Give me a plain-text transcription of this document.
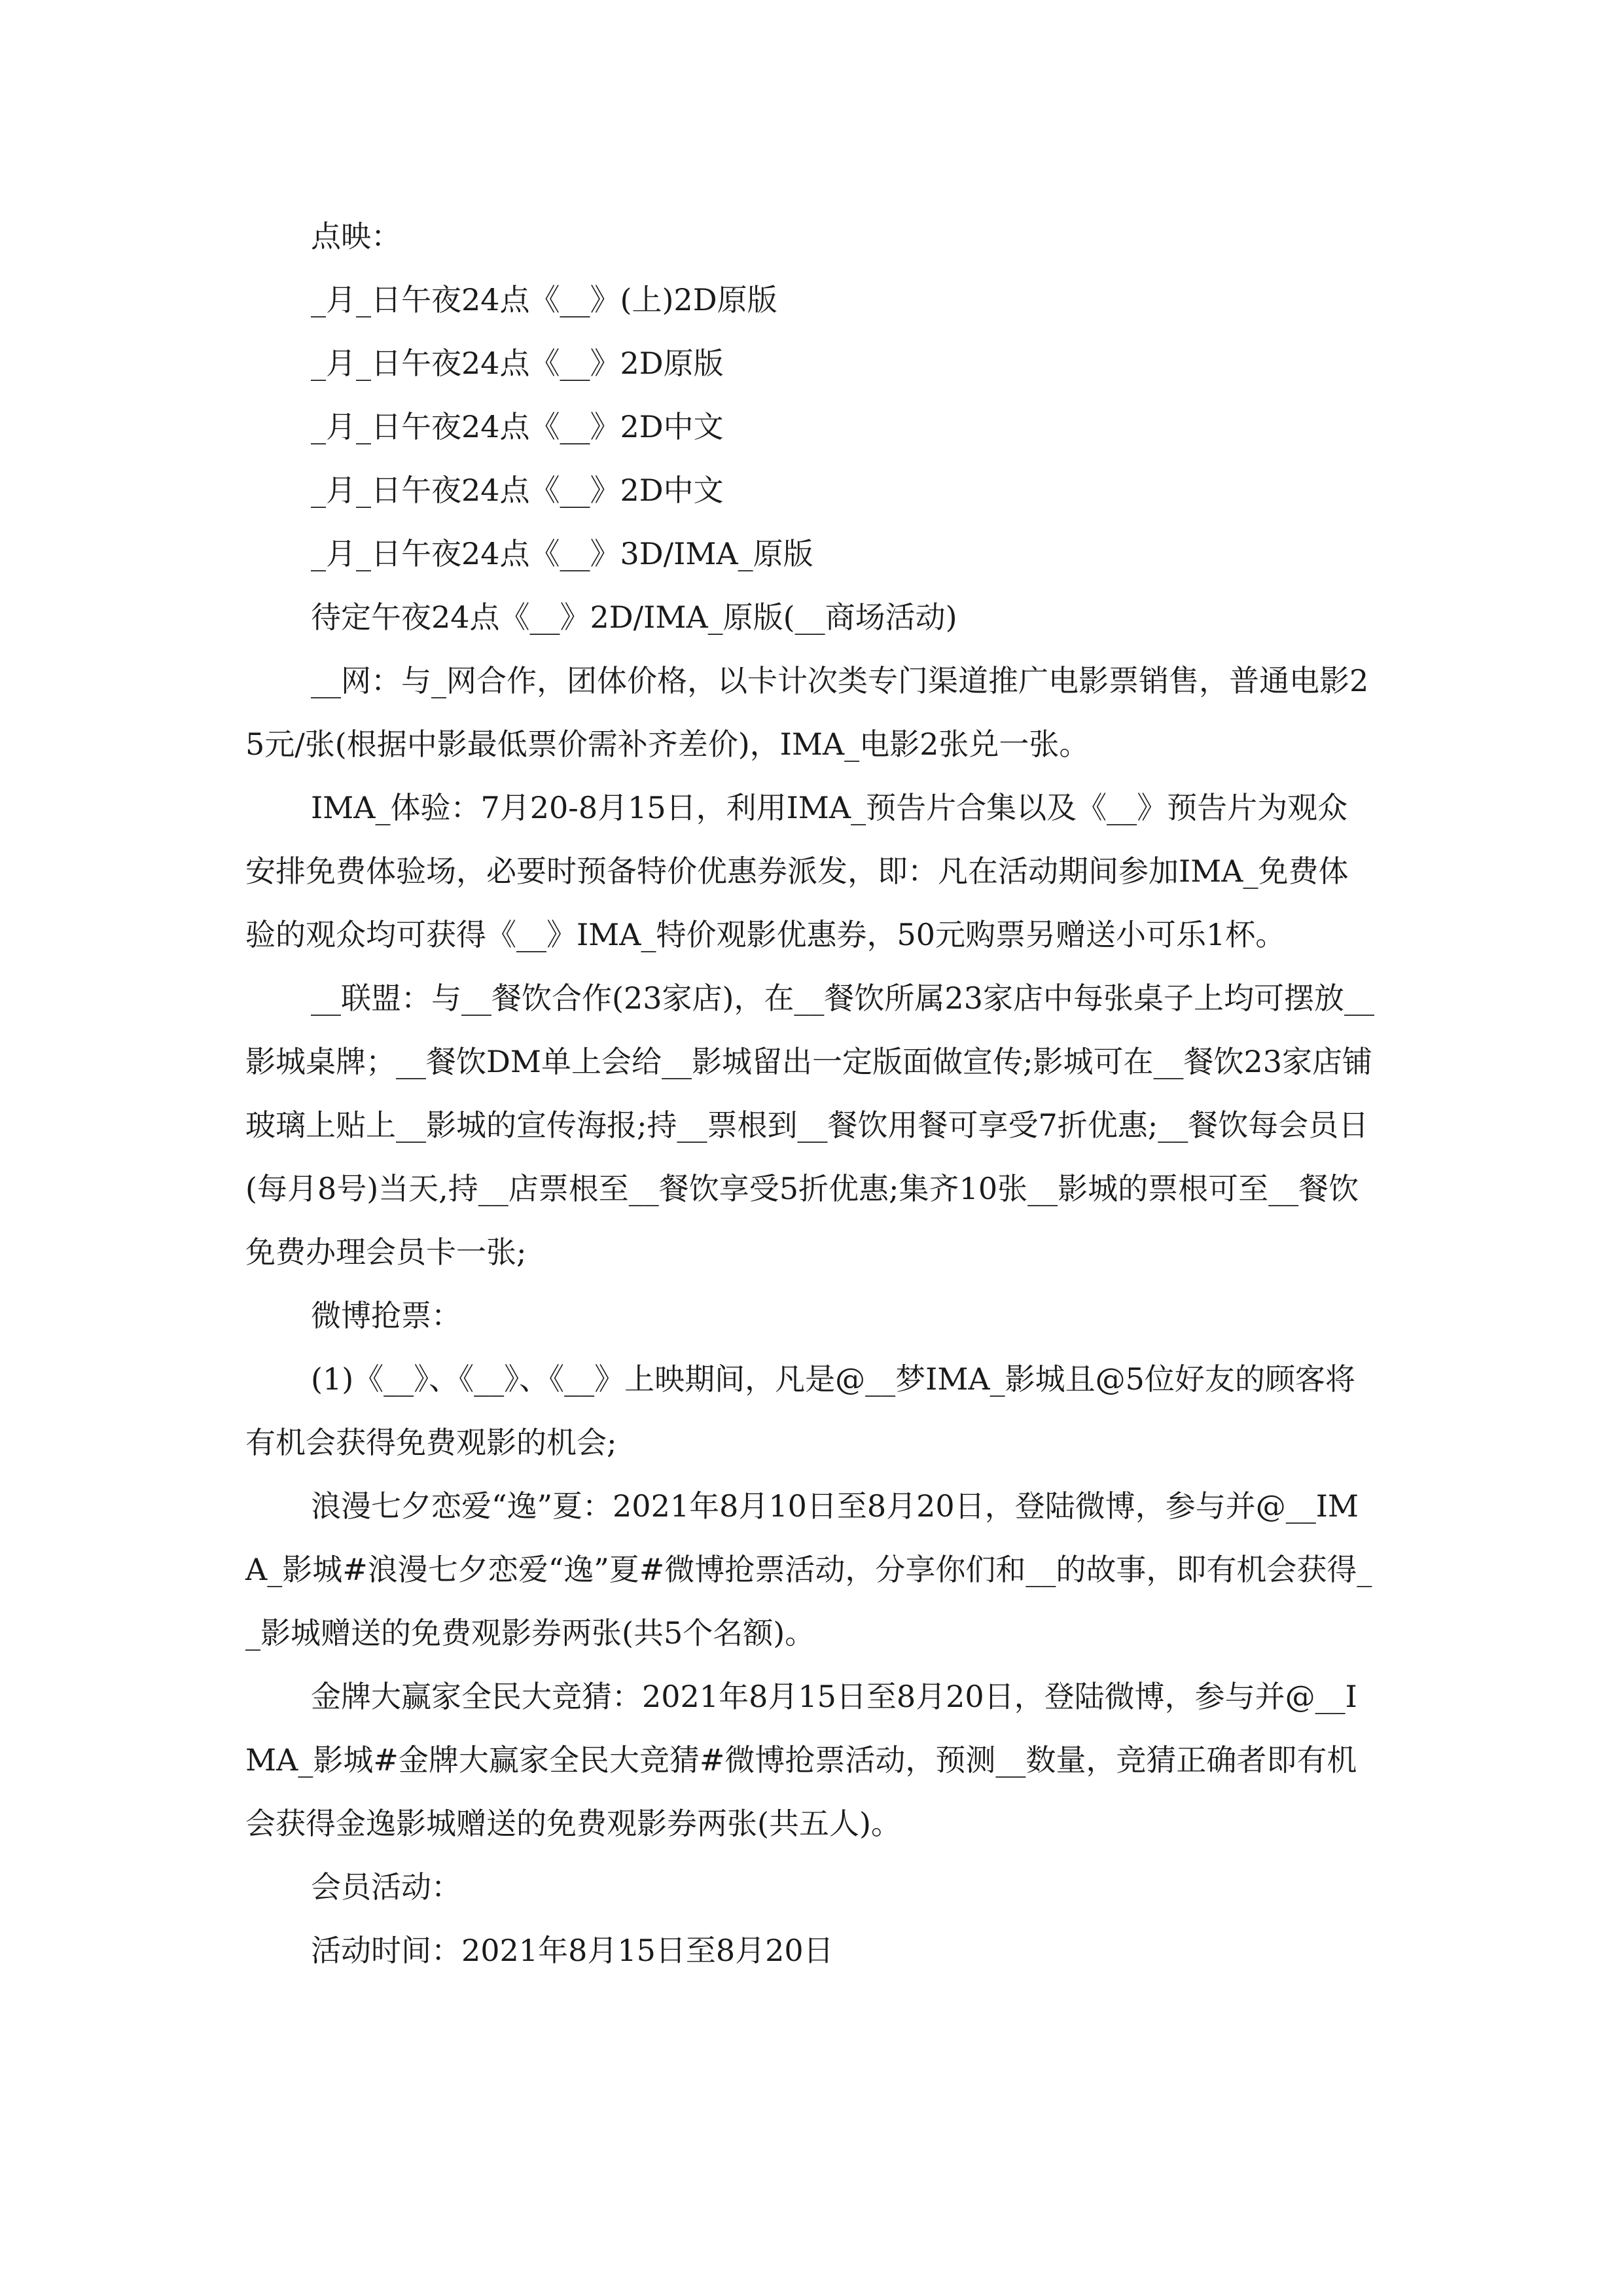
点映：

_月_日午夜24点《__》(上)2D原版

_月_日午夜24点《__》2D原版

_月_日午夜24点《__》2D中文

_月_日午夜24点《__》2D中文

_月_日午夜24点《__》3D/IMA_原版

待定午夜24点《__》2D/IMA_原版(__商场活动)

__网：与_网合作，团体价格，以卡计次类专门渠道推广电影票销售，普通电影25元/张(根据中影最低票价需补齐差价)，IMA_电影2张兑一张。

IMA_体验：7月20-8月15日，利用IMA_预告片合集以及《__》预告片为观众安排免费体验场，必要时预备特价优惠券派发，即：凡在活动期间参加IMA_免费体验的观众均可获得《__》IMA_特价观影优惠券，50元购票另赠送小可乐1杯。

__联盟：与__餐饮合作(23家店)，在__餐饮所属23家店中每张桌子上均可摆放__影城桌牌；__餐饮DM单上会给__影城留出一定版面做宣传;影城可在__餐饮23家店铺玻璃上贴上__影城的宣传海报;持__票根到__餐饮用餐可享受7折优惠;__餐饮每会员日(每月8号)当天,持__店票根至__餐饮享受5折优惠;集齐10张__影城的票根可至__餐饮免费办理会员卡一张;

微博抢票：

(1)《__》、《__》、《__》上映期间，凡是@__梦IMA_影城且@5位好友的顾客将有机会获得免费观影的机会;

浪漫七夕恋爱“逸”夏：2021年8月10日至8月20日，登陆微博，参与并@__IMA_影城#浪漫七夕恋爱“逸”夏#微博抢票活动，分享你们和__的故事，即有机会获得__影城赠送的免费观影券两张(共5个名额)。

金牌大赢家全民大竞猜：2021年8月15日至8月20日，登陆微博，参与并@__IMA_影城#金牌大赢家全民大竞猜#微博抢票活动，预测__数量，竞猜正确者即有机会获得金逸影城赠送的免费观影券两张(共五人)。

会员活动：

活动时间：2021年8月15日至8月20日
